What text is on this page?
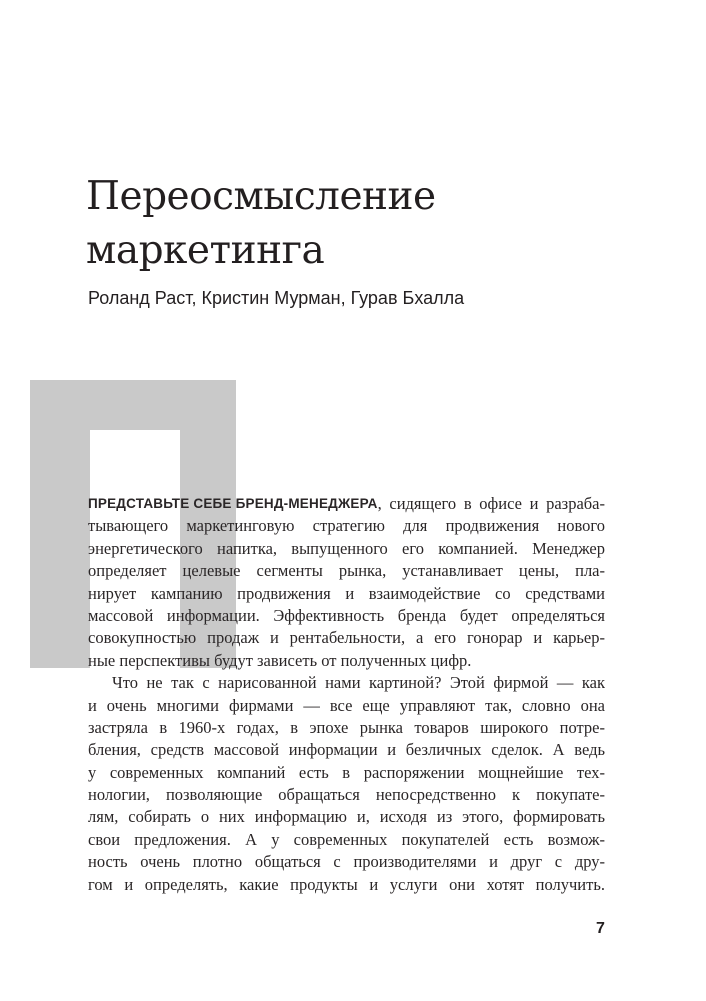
Переосмысление
маркетинга
Роланд Раст, Кристин Мурман, Гурав Бхалла
ПРЕДСТАВЬТЕ СЕБЕ БРЕНД-МЕНЕДЖЕРА , сидящего в офисе и разраба-
тывающего маркетинговую стратегию для продвижения нового
энергетического напитка, выпущенного его компанией. Менеджер
определяет целевые сегменты рынка, устанавливает цены, пла-
нирует кампанию продвижения и взаимодействие со средствами
массовой информации. Эффективность бренда будет определяться
совокупностью продаж и рентабельности, а его гонорар и карьер-
ные перспективы будут зависеть от полученных цифр.
Что не так с нарисованной нами картиной? Этой фирмой — как
и очень многими фирмами — все еще управляют так, словно она
застряла в 1960-х годах, в эпохе рынка товаров широкого потре-
бления, средств массовой информации и безличных сделок. А ведь
у современных компаний есть в распоряжении мощнейшие тех-
нологии, позволяющие обращаться непосредственно к покупате-
лям, собирать о них информацию и, исходя из этого, формировать
свои предложения. А у современных покупателей есть возмож-
ность очень плотно общаться с производителями и друг с дру-
гом и определять, какие продукты и услуги они хотят получить.
7
